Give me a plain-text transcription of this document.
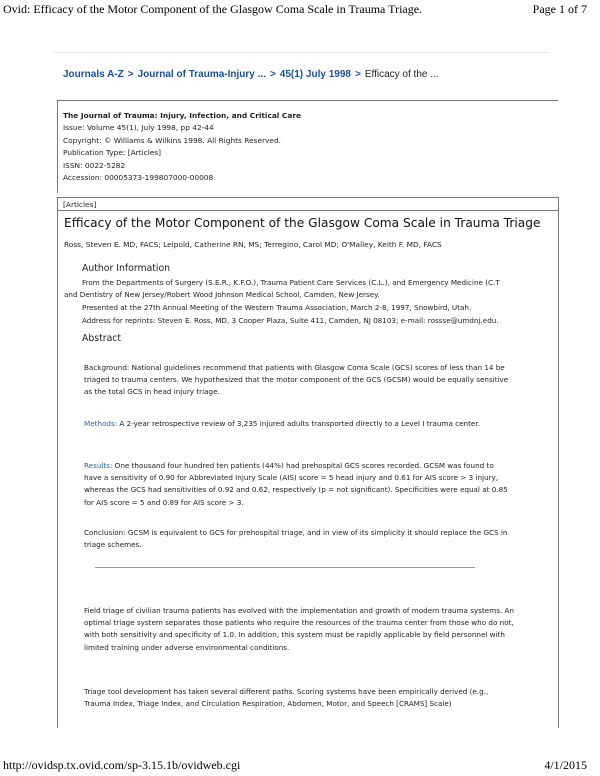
Ovid: Efficacy of the Motor Component of the Glasgow Coma Scale in Trauma Triage.	Page 1 of 7
Journals A-Z > Journal of Trauma-Injury ... > 45(1) July 1998 > Efficacy of the ...
The Journal of Trauma: Injury, Infection, and Critical Care
Issue: Volume 45(1), July 1998, pp 42-44
Copyright: © Williams & Wilkins 1998. All Rights Reserved.
Publication Type: [Articles]
ISSN: 0022-5282
Accession: 00005373-199807000-00008
[Articles]
Efficacy of the Motor Component of the Glasgow Coma Scale in Trauma Triage
Ross, Steven E. MD, FACS; Leipold, Catherine RN, MS; Terregino, Carol MD; O'Malley, Keith F. MD, FACS
Author Information
From the Departments of Surgery (S.E.R., K.F.O.), Trauma Patient Care Services (C.L.), and Emergency Medicine (C.T
and Dentistry of New Jersey/Robert Wood Johnson Medical School, Camden, New Jersey.
Presented at the 27th Annual Meeting of the Western Trauma Association, March 2-8, 1997, Snowbird, Utah.
Address for reprints: Steven E. Ross, MD, 3 Cooper Plaza, Suite 411, Camden, NJ 08103; e-mail: rossse@umdnj.edu.
Abstract
Background: National guidelines recommend that patients with Glasgow Coma Scale (GCS) scores of less than 14 be triaged to trauma centers. We hypothesized that the motor component of the GCS (GCSM) would be equally sensitive as the total GCS in head injury triage.
Methods: A 2-year retrospective review of 3,235 injured adults transported directly to a Level I trauma center.
Results: One thousand four hundred ten patients (44%) had prehospital GCS scores recorded. GCSM was found to have a sensitivity of 0.90 for Abbreviated Injury Scale (AIS) score = 5 head injury and 0.61 for AIS score > 3 injury, whereas the GCS had sensitivities of 0.92 and 0.62, respectively (p = not significant). Specificities were equal at 0.85 for AIS score = 5 and 0.89 for AIS score > 3.
Conclusion: GCSM is equivalent to GCS for prehospital triage, and in view of its simplicity it should replace the GCS in triage schemes.
Field triage of civilian trauma patients has evolved with the implementation and growth of modern trauma systems. An optimal triage system separates those patients who require the resources of the trauma center from those who do not, with both sensitivity and specificity of 1.0. In addition, this system must be rapidly applicable by field personnel with limited training under adverse environmental conditions.
Triage tool development has taken several different paths. Scoring systems have been empirically derived (e.g., Trauma Index, Triage Index, and Circulation Respiration, Abdomen, Motor, and Speech [CRAMS] Scale)
http://ovidsp.tx.ovid.com/sp-3.15.1b/ovidweb.cgi	4/1/2015
